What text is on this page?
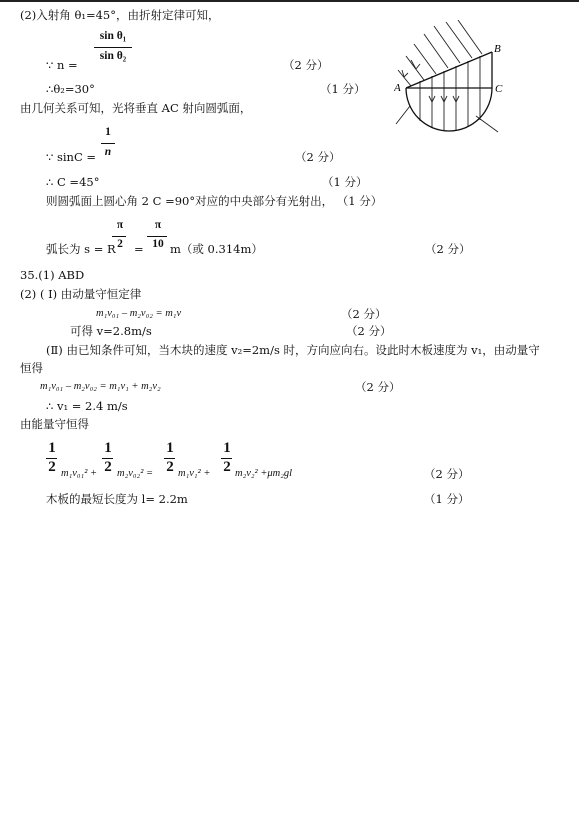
(2)入射角 θ₁=45°，由折射定律可知，
sin θ₁
sin θ₂
∵ n =	（2 分）
∴θ₂=30°	（1 分）
由几何关系可知，光将垂直 AC 射向圆弧面，
1
n
∵ sinC =	（2 分）
∴ C =45°	（1 分）
则圆弧面上圆心角 2 C =90°对应的中央部分有光射出， （1 分）
π
2
π
10
弧长为 s = R = m（或 0.314m）	（2 分）
35.(1) ABD
(2) ( Ⅰ) 由动量守恒定律
m₁v₀₁ – m₂v₀₂ = m₁v	（2 分）
可得 v=2.8m/s	（2 分）
(Ⅱ) 由已知条件可知，当木块的速度 v₂=2m/s 时，方向应向右。设此时木板速度为 v₁，由动量守
恒得
m₁v₀₁ – m₂v₀₂ = m₁v₁ + m₂v₂	（2 分）
∴ v₁ = 2.4 m/s
由能量守恒得
1
2 m₁v₀₁² +
1
2 m₂v₀₂² =
1
2 m₁v₁² +
1
2 m₂v₂² +μm₂gl	（2 分）
木板的最短长度为 l= 2.2m	（1 分）
A
B
C
